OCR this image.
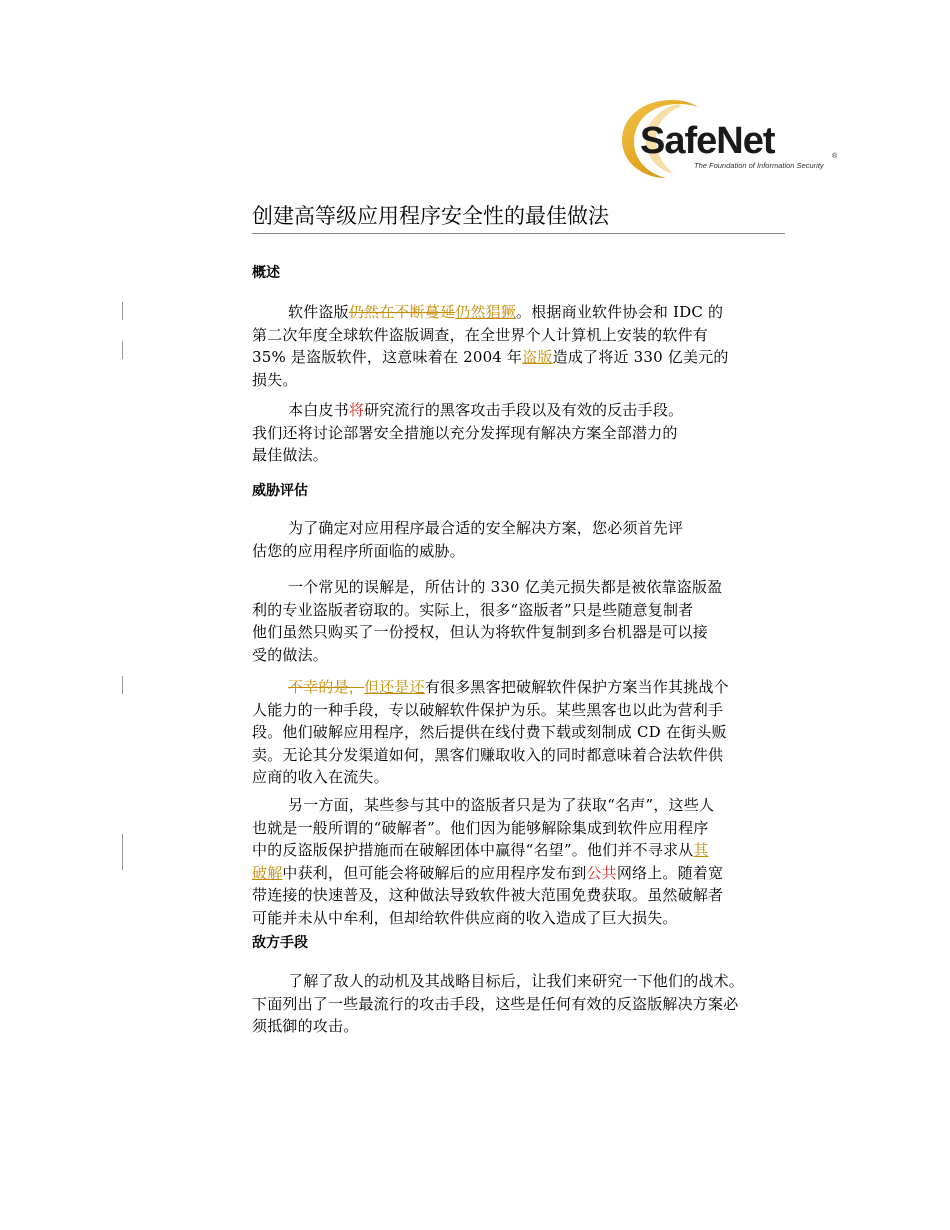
SafeNet	®
The Foundation of Information Security
创建高等级应用程序安全性的最佳做法
概述
软件盗版仍然在不断蔓延仍然猖獗。根据商业软件协会和 IDC 的
第二次年度全球软件盗版调查，在全世界个人计算机上安装的软件有
35% 是盗版软件，这意味着在 2004 年盗版造成了将近 330 亿美元的
损失。
本白皮书将研究流行的黑客攻击手段以及有效的反击手段。
我们还将讨论部署安全措施以充分发挥现有解决方案全部潜力的
最佳做法。
威胁评估
为了确定对应用程序最合适的安全解决方案，您必须首先评
估您的应用程序所面临的威胁。
一个常见的误解是，所估计的 330 亿美元损失都是被依靠盗版盈
利的专业盗版者窃取的。实际上，很多“盗版者”只是些随意复制者
他们虽然只购买了一份授权，但认为将软件复制到多台机器是可以接
受的做法。
不幸的是，但还是还有很多黑客把破解软件保护方案当作其挑战个
人能力的一种手段，专以破解软件保护为乐。某些黑客也以此为营利手
段。他们破解应用程序，然后提供在线付费下载或刻制成 CD 在街头贩
卖。无论其分发渠道如何，黑客们赚取收入的同时都意味着合法软件供
应商的收入在流失。
另一方面，某些参与其中的盗版者只是为了获取“名声”，这些人
也就是一般所谓的“破解者”。他们因为能够解除集成到软件应用程序
中的反盗版保护措施而在破解团体中赢得“名望”。他们并不寻求从其
破解中获利，但可能会将破解后的应用程序发布到公共网络上。随着宽
带连接的快速普及，这种做法导致软件被大范围免费获取。虽然破解者
可能并未从中牟利，但却给软件供应商的收入造成了巨大损失。
敌方手段
了解了敌人的动机及其战略目标后，让我们来研究一下他们的战术。
下面列出了一些最流行的攻击手段，这些是任何有效的反盗版解决方案必
须抵御的攻击。
